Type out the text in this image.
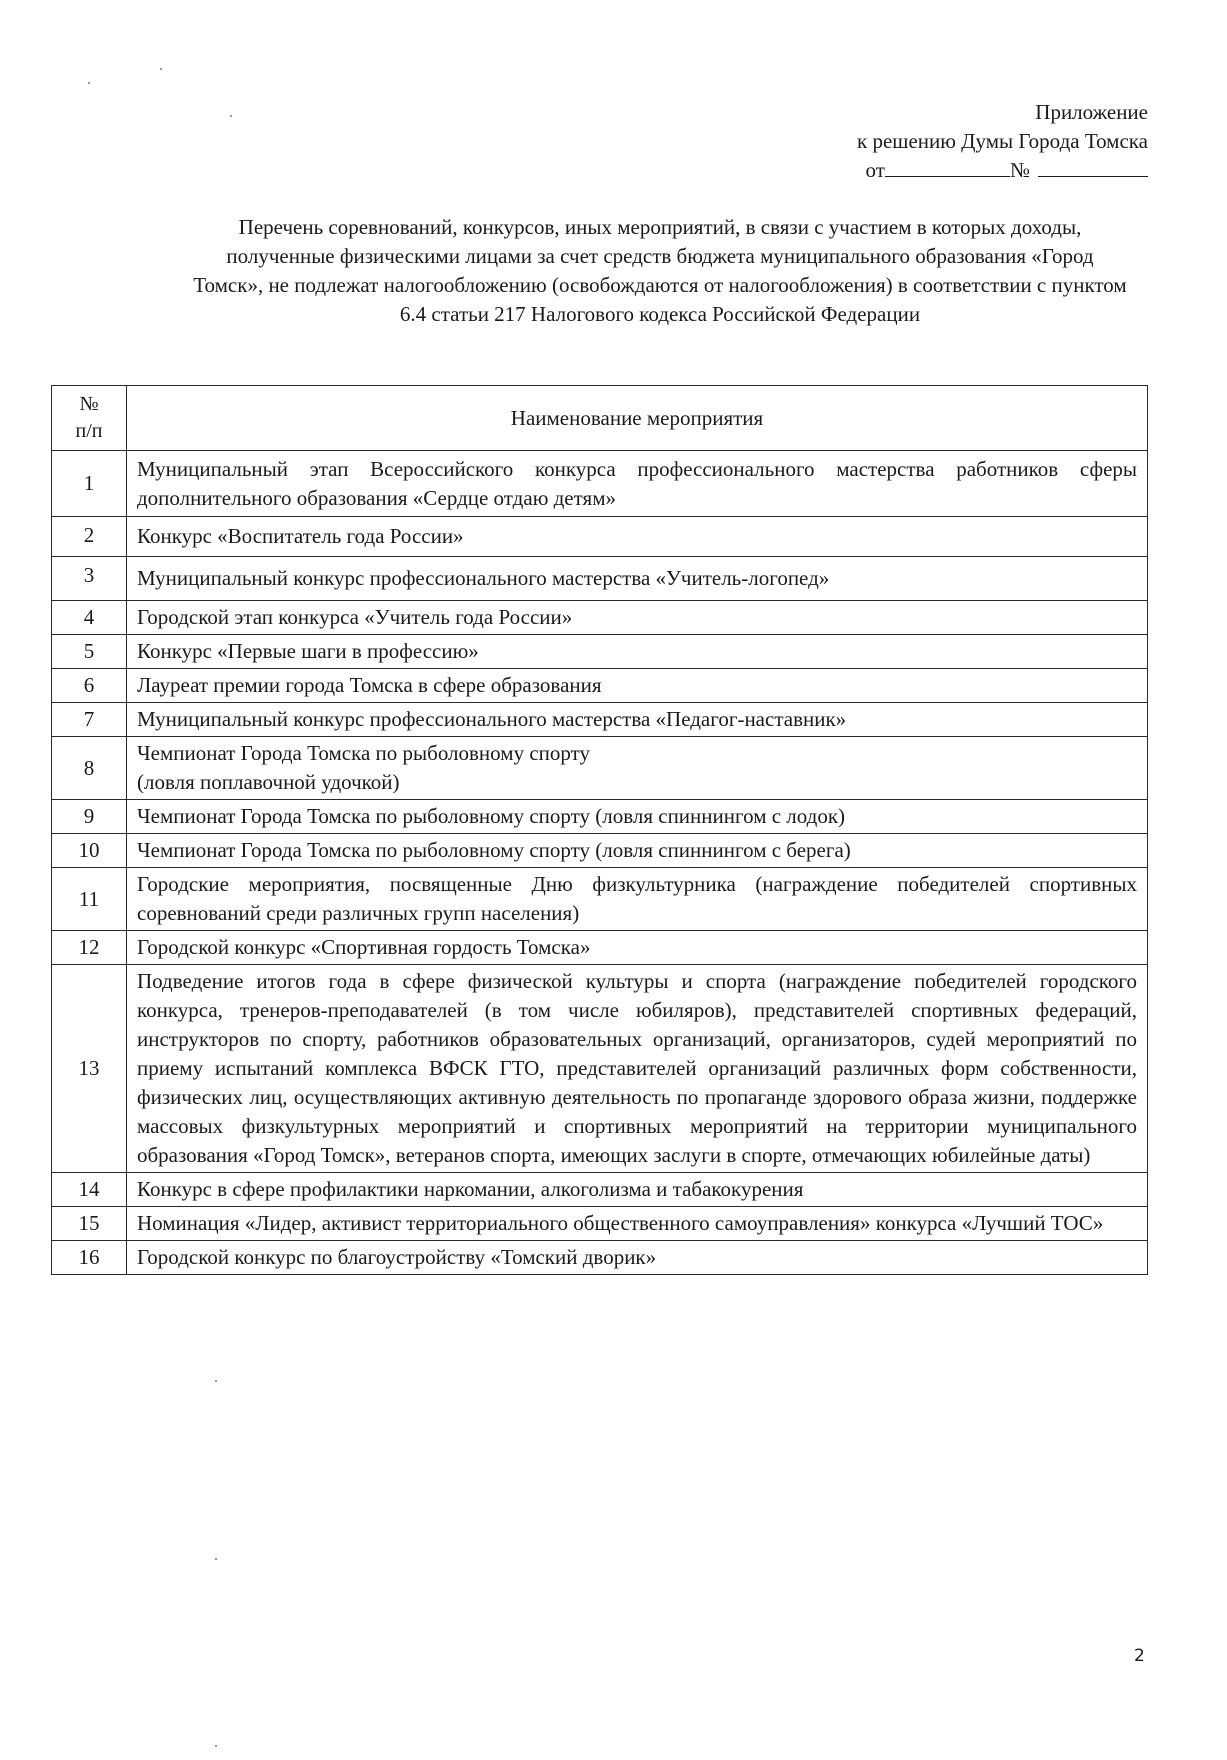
Приложение
к решению Думы Города Томска
от	№
Перечень соревнований, конкурсов, иных мероприятий, в связи с участием в которых доходы, полученные физическими лицами за счет средств бюджета муниципального образования «Город Томск», не подлежат налогообложению (освобождаются от налогообложения) в соответствии с пунктом 6.4 статьи 217 Налогового кодекса Российской Федерации
№
п/п	Наименование мероприятия
1	Муниципальный этап Всероссийского конкурса профессионального мастерства работников сферы дополнительного образования «Сердце отдаю детям»
2	Конкурс «Воспитатель года России»
3	Муниципальный конкурс профессионального мастерства «Учитель-логопед»
4	Городской этап конкурса «Учитель года России»
5	Конкурс «Первые шаги в профессию»
6	Лауреат премии города Томска в сфере образования
7	Муниципальный конкурс профессионального мастерства «Педагог-наставник»
8	Чемпионат Города Томска по рыболовному спорту
(ловля поплавочной удочкой)

9	Чемпионат Города Томска по рыболовному спорту (ловля спиннингом с лодок)
10	Чемпионат Города Томска по рыболовному спорту (ловля спиннингом с берега)
11	Городские мероприятия, посвященные Дню физкультурника (награждение победителей спортивных соревнований среди различных групп населения)
12	Городской конкурс «Спортивная гордость Томска»
13	Подведение итогов года в сфере физической культуры и спорта (награждение победителей городского конкурса, тренеров-преподавателей (в том числе юбиляров), представителей спортивных федераций, инструкторов по спорту, работников образовательных организаций, организаторов, судей мероприятий по приему испытаний комплекса ВФСК ГТО, представителей организаций различных форм собственности, физических лиц, осуществляющих активную деятельность по пропаганде здорового образа жизни, поддержке массовых физкультурных мероприятий и спортивных мероприятий на территории муниципального образования «Город Томск», ветеранов спорта, имеющих заслуги в спорте, отмечающих юбилейные даты)
14	Конкурс в сфере профилактики наркомании, алкоголизма и табакокурения
15	Номинация «Лидер, активист территориального общественного самоуправления» конкурса «Лучший ТОС»
16	Городской конкурс по благоустройству «Томский дворик»
2
